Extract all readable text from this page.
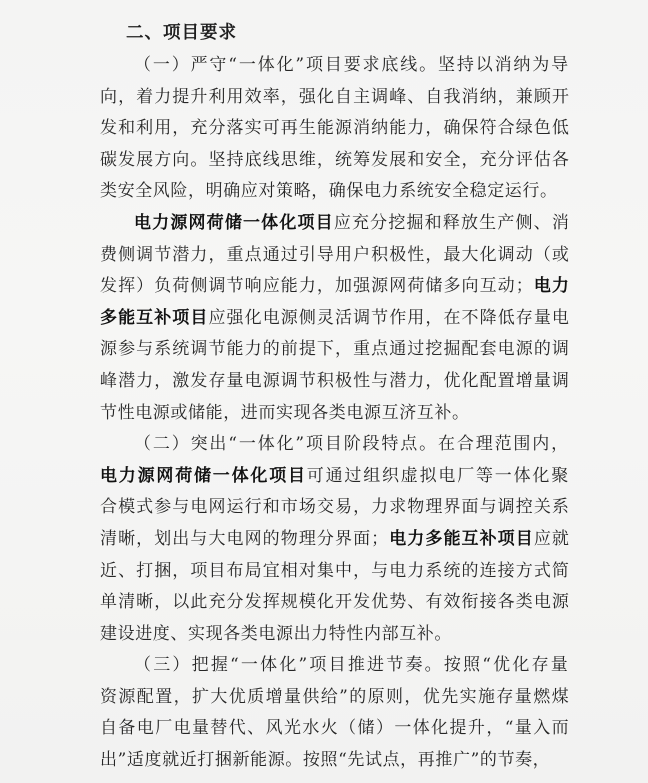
二、项目要求
（一）严守“一体化”项目要求底线。坚持以消纳为导
向，着力提升利用效率，强化自主调峰、自我消纳，兼顾开
发和利用，充分落实可再生能源消纳能力，确保符合绿色低
碳发展方向。坚持底线思维，统筹发展和安全，充分评估各
类安全风险，明确应对策略，确保电力系统安全稳定运行。
电力源网荷储一体化项目应充分挖掘和释放生产侧、消
费侧调节潜力，重点通过引导用户积极性，最大化调动（或
发挥）负荷侧调节响应能力，加强源网荷储多向互动；电力
多能互补项目应强化电源侧灵活调节作用，在不降低存量电
源参与系统调节能力的前提下，重点通过挖掘配套电源的调
峰潜力，激发存量电源调节积极性与潜力，优化配置增量调
节性电源或储能，进而实现各类电源互济互补。
（二）突出“一体化”项目阶段特点。在合理范围内，
电力源网荷储一体化项目可通过组织虚拟电厂等一体化聚
合模式参与电网运行和市场交易，力求物理界面与调控关系
清晰，划出与大电网的物理分界面；电力多能互补项目应就
近、打捆，项目布局宜相对集中，与电力系统的连接方式简
单清晰，以此充分发挥规模化开发优势、有效衔接各类电源
建设进度、实现各类电源出力特性内部互补。
（三）把握“一体化”项目推进节奏。按照“优化存量
资源配置，扩大优质增量供给”的原则，优先实施存量燃煤
自备电厂电量替代、风光水火（储）一体化提升，“量入而
出”适度就近打捆新能源。按照“先试点，再推广”的节奏，
